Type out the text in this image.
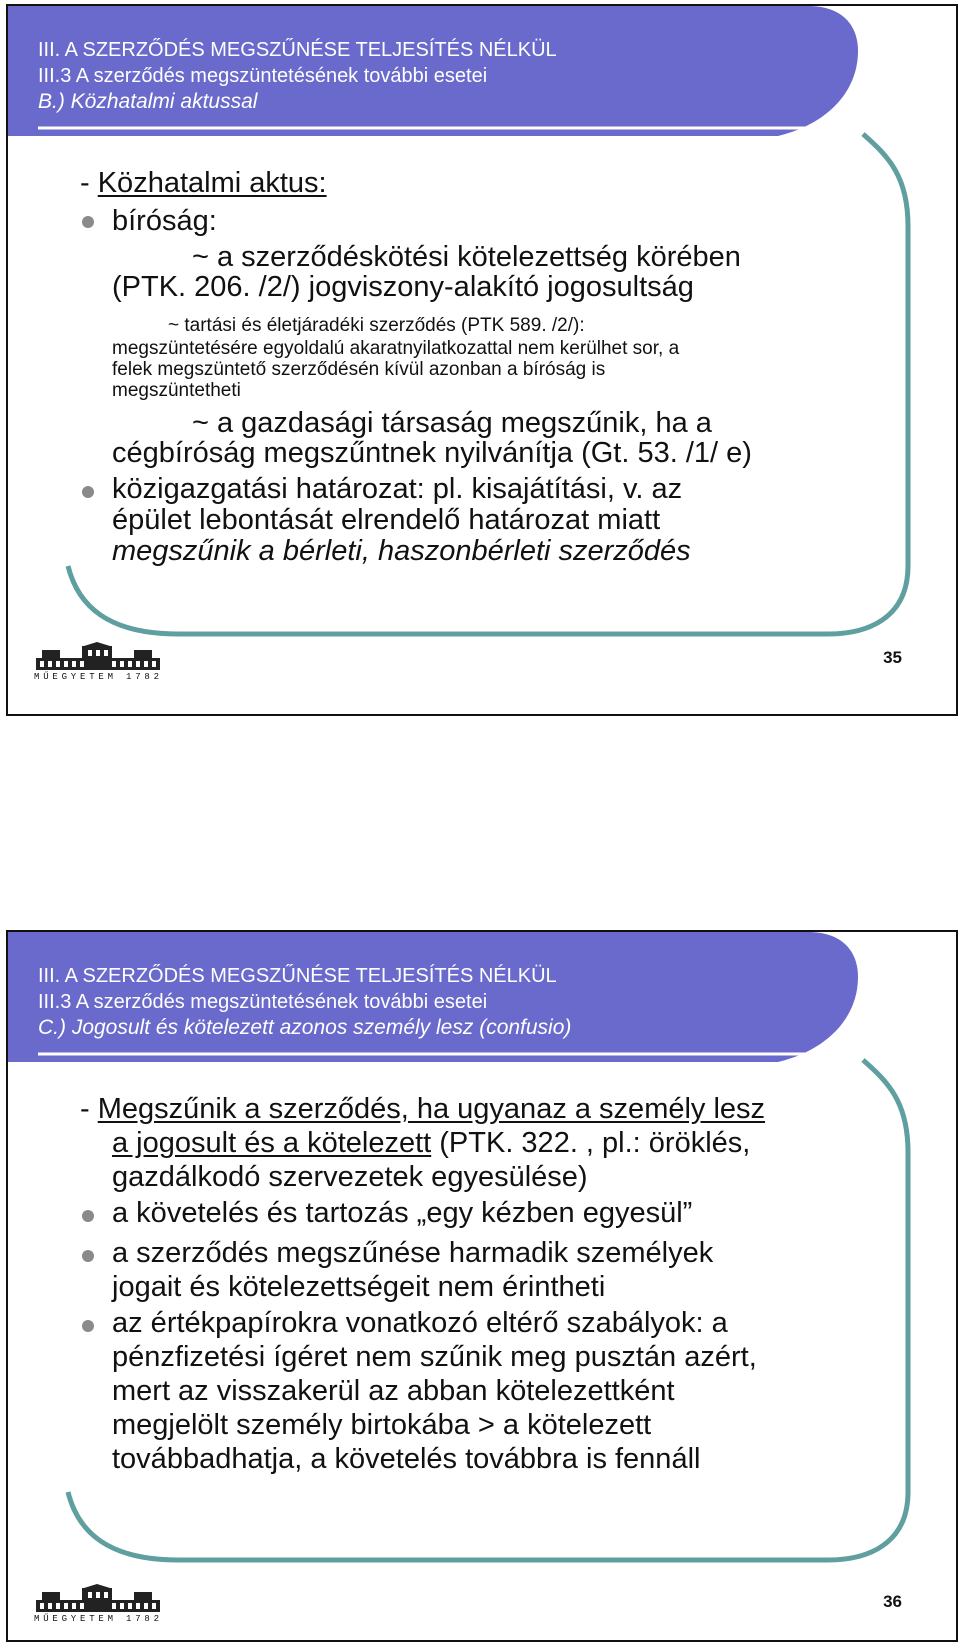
III. A SZERZŐDÉS MEGSZŰNÉSE TELJESÍTÉS NÉLKÜL
III.3 A szerződés megszüntetésének további esetei
B.) Közhatalmi aktussal
- Közhatalmi aktus:
bíróság:
~ a szerződéskötési kötelezettség körében
(PTK. 206. /2/) jogviszony-alakító jogosultság
~ tartási és életjáradéki szerződés (PTK 589. /2/):
megszüntetésére egyoldalú akaratnyilatkozattal nem kerülhet sor, a
felek megszüntető szerződésén kívül azonban a bíróság is
megszüntetheti
~ a gazdasági társaság megszűnik, ha a
cégbíróság megszűntnek nyilvánítja (Gt. 53. /1/ e)
közigazgatási határozat: pl. kisajátítási, v. az
épület lebontását elrendelő határozat miatt
megszűnik a bérleti, haszonbérleti szerződés
MŰEGYETEM 1782
35
III. A SZERZŐDÉS MEGSZŰNÉSE TELJESÍTÉS NÉLKÜL
III.3 A szerződés megszüntetésének további esetei
C.) Jogosult és kötelezett azonos személy lesz (confusio)
- Megszűnik a szerződés, ha ugyanaz a személy lesz
a jogosult és a kötelezett (PTK. 322. , pl.: öröklés,
gazdálkodó szervezetek egyesülése)
a követelés és tartozás „egy kézben egyesül”
a szerződés megszűnése harmadik személyek
jogait és kötelezettségeit nem érintheti
az értékpapírokra vonatkozó eltérő szabályok: a
pénzfizetési ígéret nem szűnik meg pusztán azért,
mert az visszakerül az abban kötelezettként
megjelölt személy birtokába > a kötelezett
továbbadhatja, a követelés továbbra is fennáll
MŰEGYETEM 1782
36
